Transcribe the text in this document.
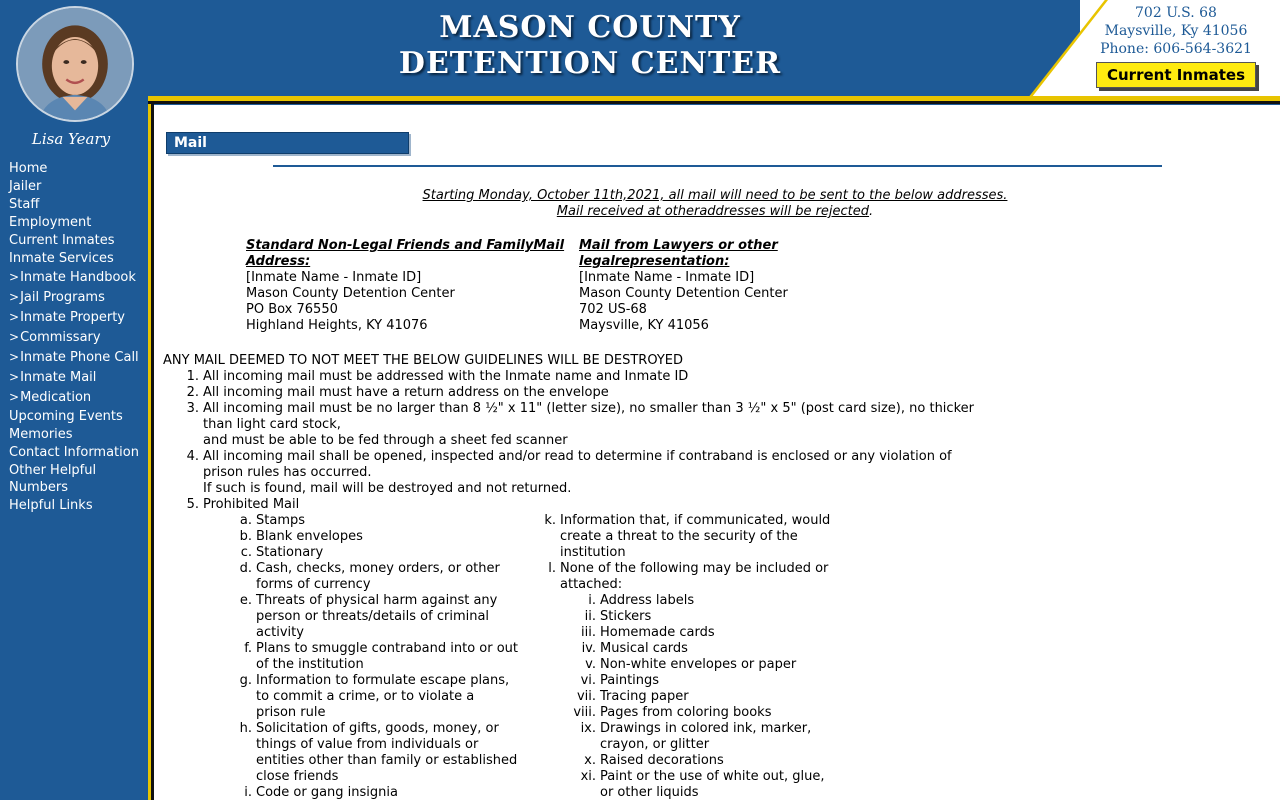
MASON COUNTY
DETENTION CENTER
702 U.S. 68
Maysville, Ky 41056
Phone: 606-564-3621
Current Inmates
Lisa Yeary
Home
Jailer
Staff
Employment
Current Inmates
Inmate Services
>Inmate Handbook
>Jail Programs
>Inmate Property
>Commissary
>Inmate Phone Call
>Inmate Mail
>Medication
Upcoming Events
Memories
Contact Information
Other Helpful Numbers
Helpful Links
Mail
Starting Monday, October 11th,2021, all mail will need to be sent to the below addresses.
Mail received at otheraddresses will be rejected.
Standard Non-Legal Friends and FamilyMail Address:
[Inmate Name - Inmate ID]
Mason County Detention Center
PO Box 76550
Highland Heights, KY 41076
Mail from Lawyers or other legalrepresentation:
[Inmate Name - Inmate ID]
Mason County Detention Center
702 US-68
Maysville, KY 41056
ANY MAIL DEEMED TO NOT MEET THE BELOW GUIDELINES WILL BE DESTROYED
1. All incoming mail must be addressed with the Inmate name and Inmate ID
2. All incoming mail must have a return address on the envelope
3. All incoming mail must be no larger than 8 ½" x 11" (letter size), no smaller than 3 ½" x 5" (post card size), no thicker
than light card stock,
and must be able to be fed through a sheet fed scanner
4. All incoming mail shall be opened, inspected and/or read to determine if contraband is enclosed or any violation of
prison rules has occurred.
If such is found, mail will be destroyed and not returned.
5. Prohibited Mail
a. Stamps
b. Blank envelopes
c. Stationary
d. Cash, checks, money orders, or other
forms of currency
e. Threats of physical harm against any
person or threats/details of criminal
activity
f. Plans to smuggle contraband into or out
of the institution
g. Information to formulate escape plans,
to commit a crime, or to violate a
prison rule
h. Solicitation of gifts, goods, money, or
things of value from individuals or
entities other than family or established
close friends
i. Code or gang insignia
k. Information that, if communicated, would
create a threat to the security of the
institution
l. None of the following may be included or
attached:
i. Address labels
ii. Stickers
iii. Homemade cards
iv. Musical cards
v. Non-white envelopes or paper
vi. Paintings
vii. Tracing paper
viii. Pages from coloring books
ix. Drawings in colored ink, marker,
crayon, or glitter
x. Raised decorations
xi. Paint or the use of white out, glue,
or other liquids
